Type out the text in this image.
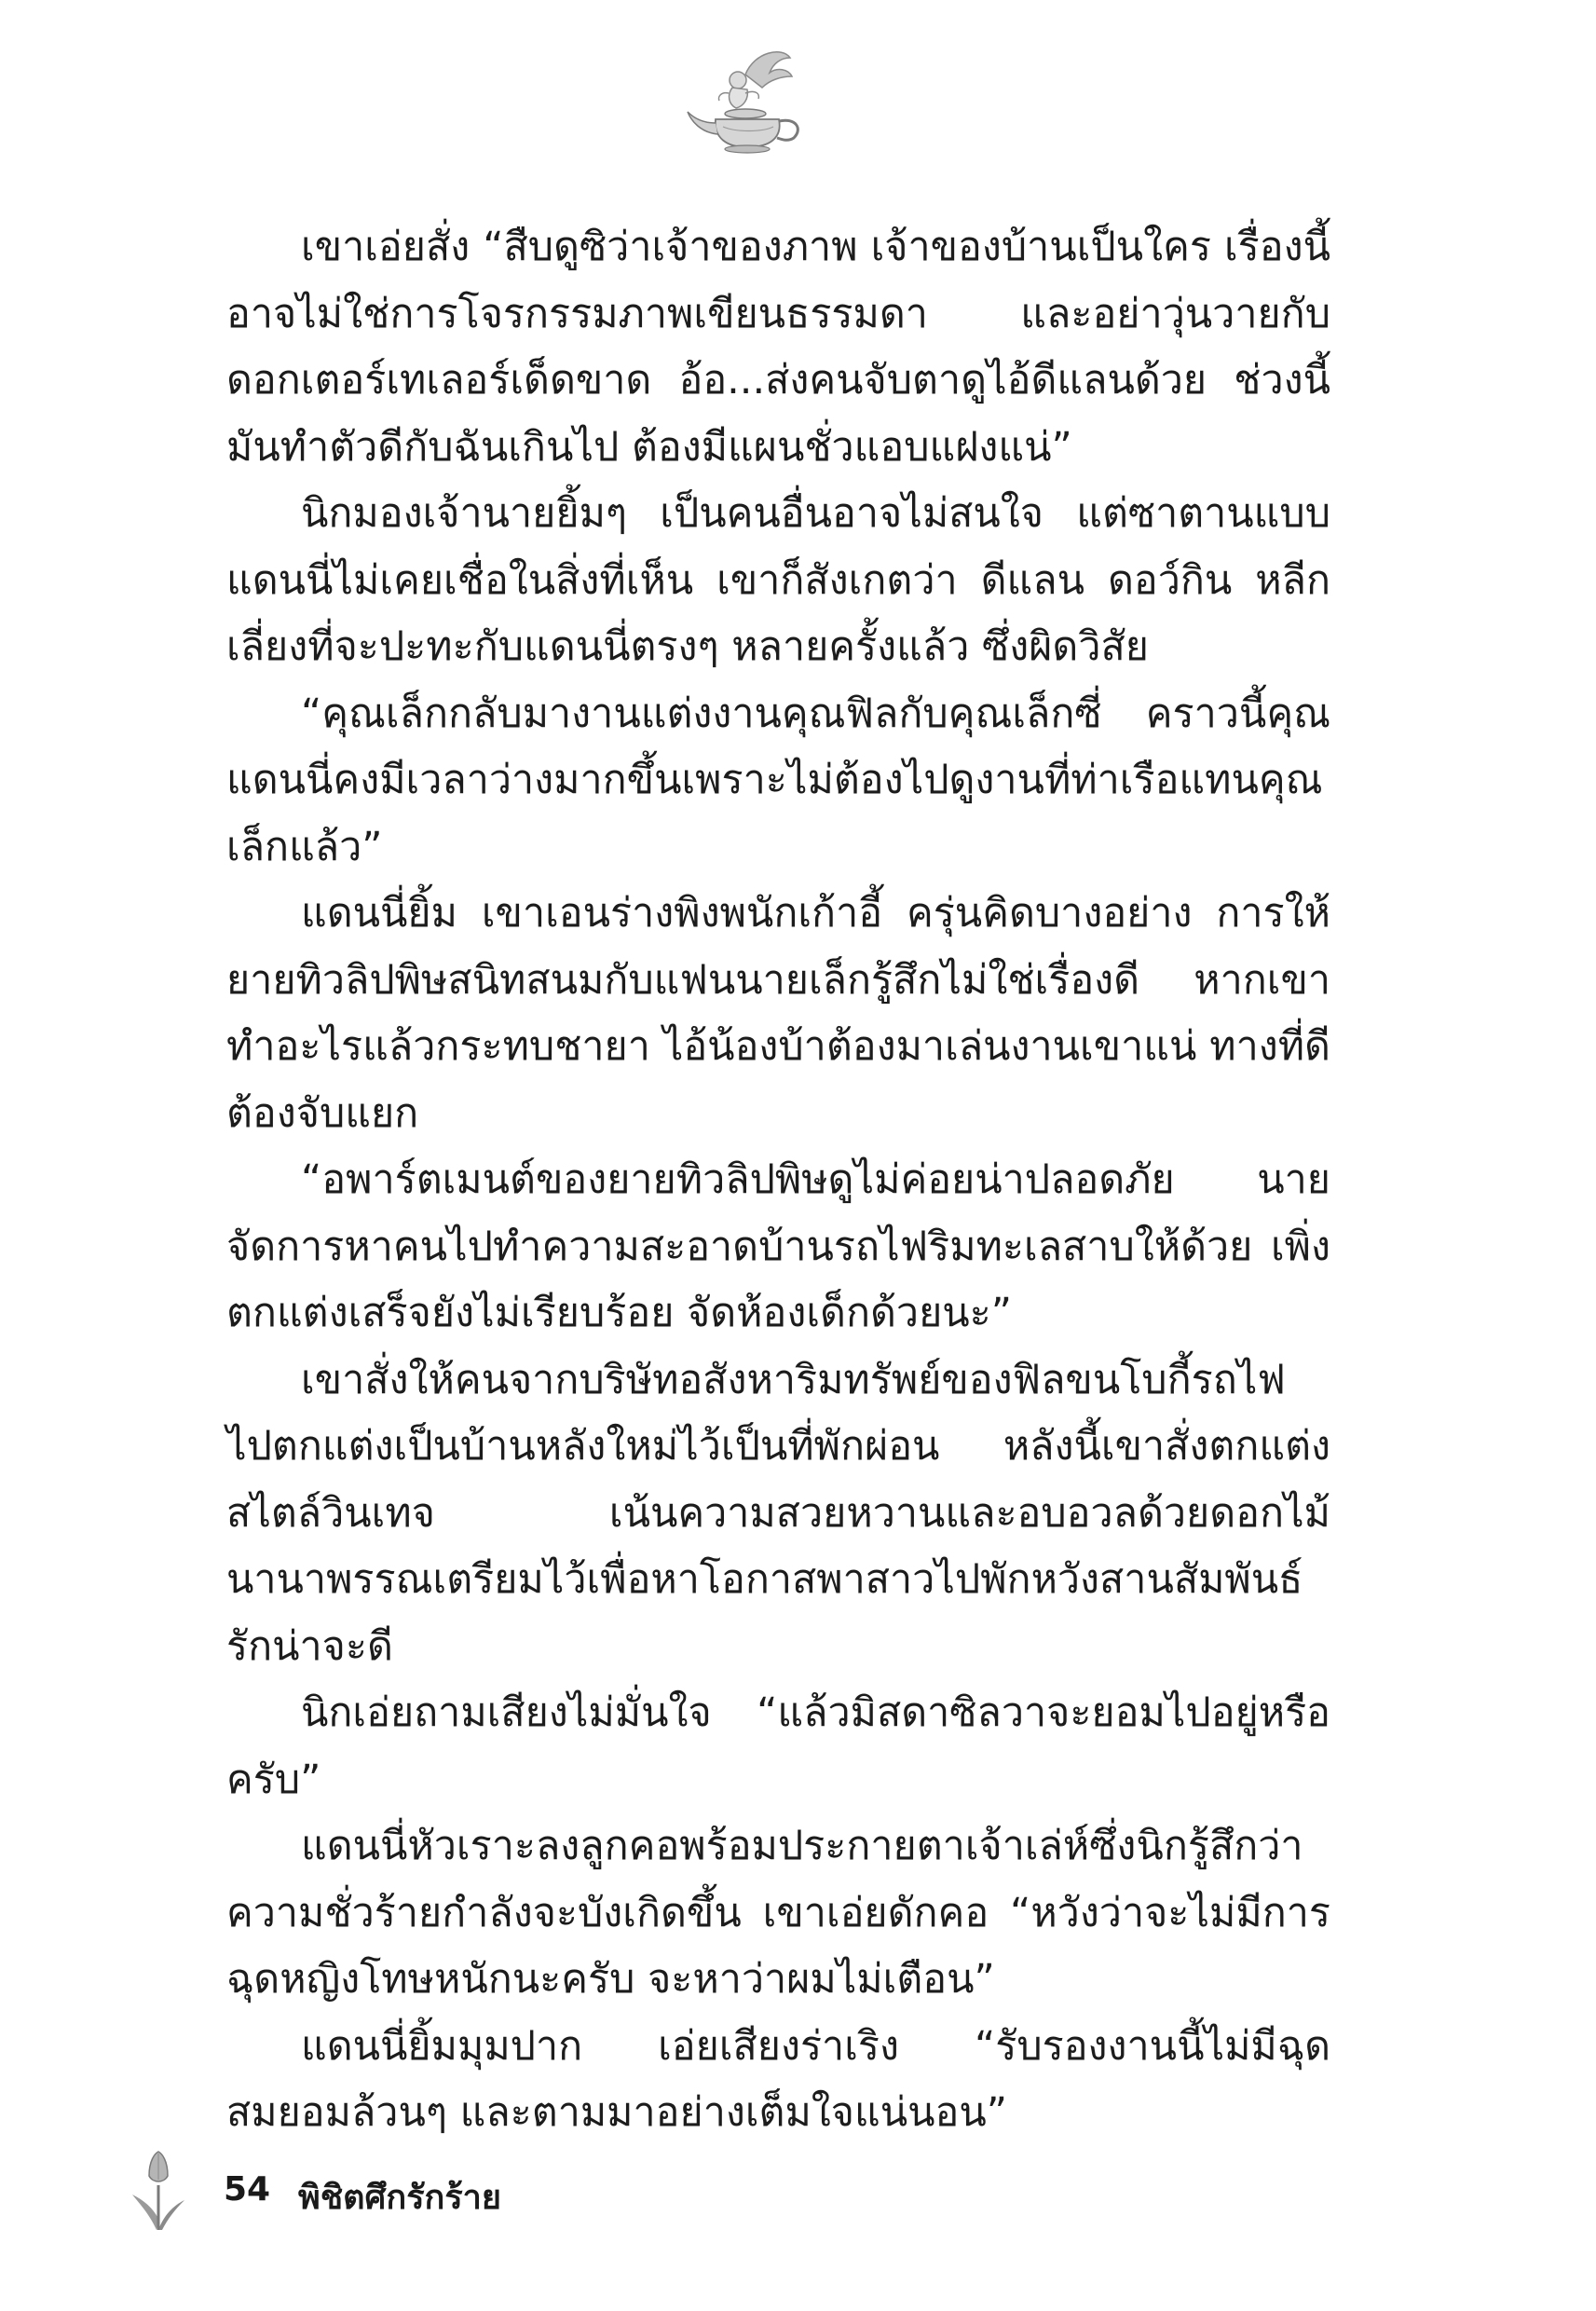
เขาเอ่ยสั่ง “สืบดูซิว่าเจ้าของภาพ เจ้าของบ้านเป็นใคร เรื่องนี้อาจไม่ใช่การโจรกรรมภาพเขียนธรรมดา และอย่าวุ่นวายกับดอกเตอร์เทเลอร์เด็ดขาด อ้อ...ส่งคนจับตาดูไอ้ดีแลนด้วย ช่วงนี้มันทำตัวดีกับฉันเกินไป ต้องมีแผนชั่วแอบแฝงแน่”

นิกมองเจ้านายยิ้มๆ เป็นคนอื่นอาจไม่สนใจ แต่ซาตานแบบแดนนี่ไม่เคยเชื่อในสิ่งที่เห็น เขาก็สังเกตว่า ดีแลน ดอว์กิน หลีกเลี่ยงที่จะปะทะกับแดนนี่ตรงๆ หลายครั้งแล้ว ซึ่งผิดวิสัย

“คุณเล็กกลับมางานแต่งงานคุณฟิลกับคุณเล็กซี่ คราวนี้คุณแดนนี่คงมีเวลาว่างมากขึ้นเพราะไม่ต้องไปดูงานที่ท่าเรือแทนคุณเล็กแล้ว”

แดนนี่ยิ้ม เขาเอนร่างพิงพนักเก้าอี้ ครุ่นคิดบางอย่าง การให้ยายทิวลิปพิษสนิทสนมกับแฟนนายเล็กรู้สึกไม่ใช่เรื่องดี หากเขาทำอะไรแล้วกระทบชายา ไอ้น้องบ้าต้องมาเล่นงานเขาแน่ ทางที่ดีต้องจับแยก

“อพาร์ตเมนต์ของยายทิวลิปพิษดูไม่ค่อยน่าปลอดภัย นายจัดการหาคนไปทำความสะอาดบ้านรถไฟริมทะเลสาบให้ด้วย เพิ่งตกแต่งเสร็จยังไม่เรียบร้อย จัดห้องเด็กด้วยนะ”

เขาสั่งให้คนจากบริษัทอสังหาริมทรัพย์ของฟิลขนโบกี้รถไฟไปตกแต่งเป็นบ้านหลังใหม่ไว้เป็นที่พักผ่อน หลังนี้เขาสั่งตกแต่งสไตล์วินเทจ เน้นความสวยหวานและอบอวลด้วยดอกไม้นานาพรรณเตรียมไว้เพื่อหาโอกาสพาสาวไปพักหวังสานสัมพันธ์รักน่าจะดี

นิกเอ่ยถามเสียงไม่มั่นใจ “แล้วมิสดาซิลวาจะยอมไปอยู่หรือครับ”

แดนนี่หัวเราะลงลูกคอพร้อมประกายตาเจ้าเล่ห์ซึ่งนิกรู้สึกว่าความชั่วร้ายกำลังจะบังเกิดขึ้น เขาเอ่ยดักคอ “หวังว่าจะไม่มีการฉุดหญิงโทษหนักนะครับ จะหาว่าผมไม่เตือน”

แดนนี่ยิ้มมุมปาก เอ่ยเสียงร่าเริง “รับรองงานนี้ไม่มีฉุด สมยอมล้วนๆ และตามมาอย่างเต็มใจแน่นอน”

54 พิชิตศึกรักร้าย
